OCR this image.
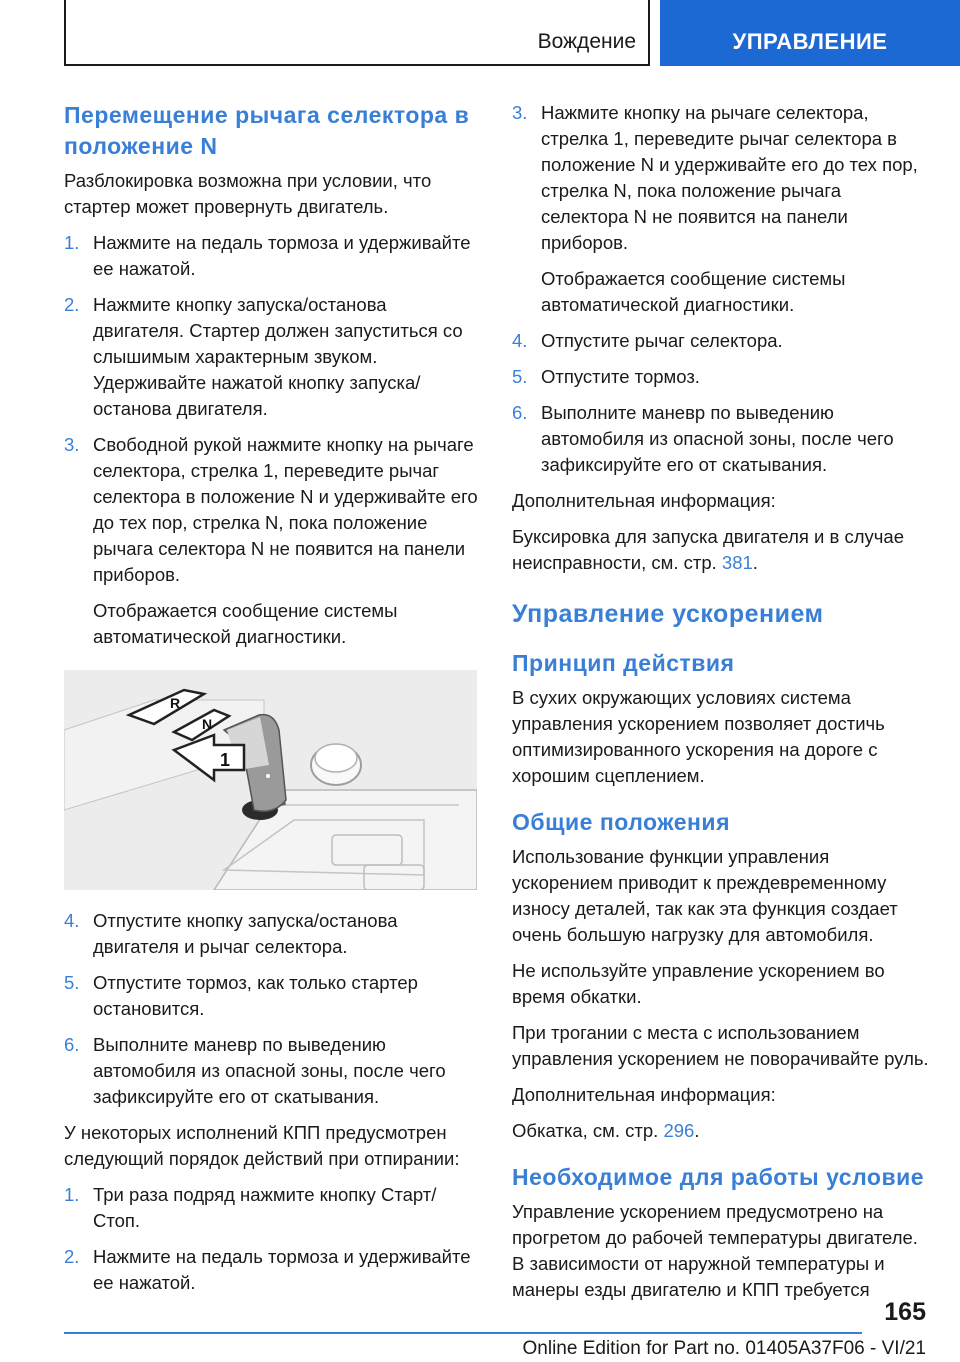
Вождение	УПРАВЛЕНИЕ
Перемещение рычага селектора в положение N

Разблокировка возможна при условии, что стартер может провернуть двигатель.

1. Нажмите на педаль тормоза и удерживайте ее нажатой.
2. Нажмите кнопку запуска/останова двигателя. Стартер должен запуститься со слышимым характерным звуком. Удерживайте нажатой кнопку запуска/останова двигателя.
3. Свободной рукой нажмите кнопку на рычаге селектора, стрелка 1, переведите рычаг селектора в положение N и удерживайте его до тех пор, стрелка N, пока положение рычага селектора N не появится на панели приборов.

Отображается сообщение системы автоматической диагностики.

R
N
1
4. Отпустите кнопку запуска/останова двигателя и рычаг селектора.
5. Отпустите тормоз, как только стартер остановится.
6. Выполните маневр по выведению автомобиля из опасной зоны, после чего зафиксируйте его от скатывания.

У некоторых исполнений КПП предусмотрен следующий порядок действий при отпирании:

1. Три раза подряд нажмите кнопку Старт/Стоп.
2. Нажмите на педаль тормоза и удерживайте ее нажатой.
3. Нажмите кнопку на рычаге селектора, стрелка 1, переведите рычаг селектора в положение N и удерживайте его до тех пор, стрелка N, пока положение рычага селектора N не появится на панели приборов.

Отображается сообщение системы автоматической диагностики.

4. Отпустите рычаг селектора.
5. Отпустите тормоз.
6. Выполните маневр по выведению автомобиля из опасной зоны, после чего зафиксируйте его от скатывания.

Дополнительная информация:

Буксировка для запуска двигателя и в случае неисправности, см. стр. 381.

Управление ускорением
Принцип действия

В сухих окружающих условиях система управления ускорением позволяет достичь оптимизированного ускорения на дороге с хорошим сцеплением.

Общие положения

Использование функции управления ускорением приводит к преждевременному износу деталей, так как эта функция создает очень большую нагрузку для автомобиля.

Не используйте управление ускорением во время обкатки.

При трогании с места с использованием управления ускорением не поворачивайте руль.

Дополнительная информация:

Обкатка, см. стр. 296.

Необходимое для работы условие

Управление ускорением предусмотрено на прогретом до рабочей температуры двигателе. В зависимости от наружной температуры и манеры езды двигателю и КПП требуется

165
Online Edition for Part no. 01405A37F06 - VI/21
